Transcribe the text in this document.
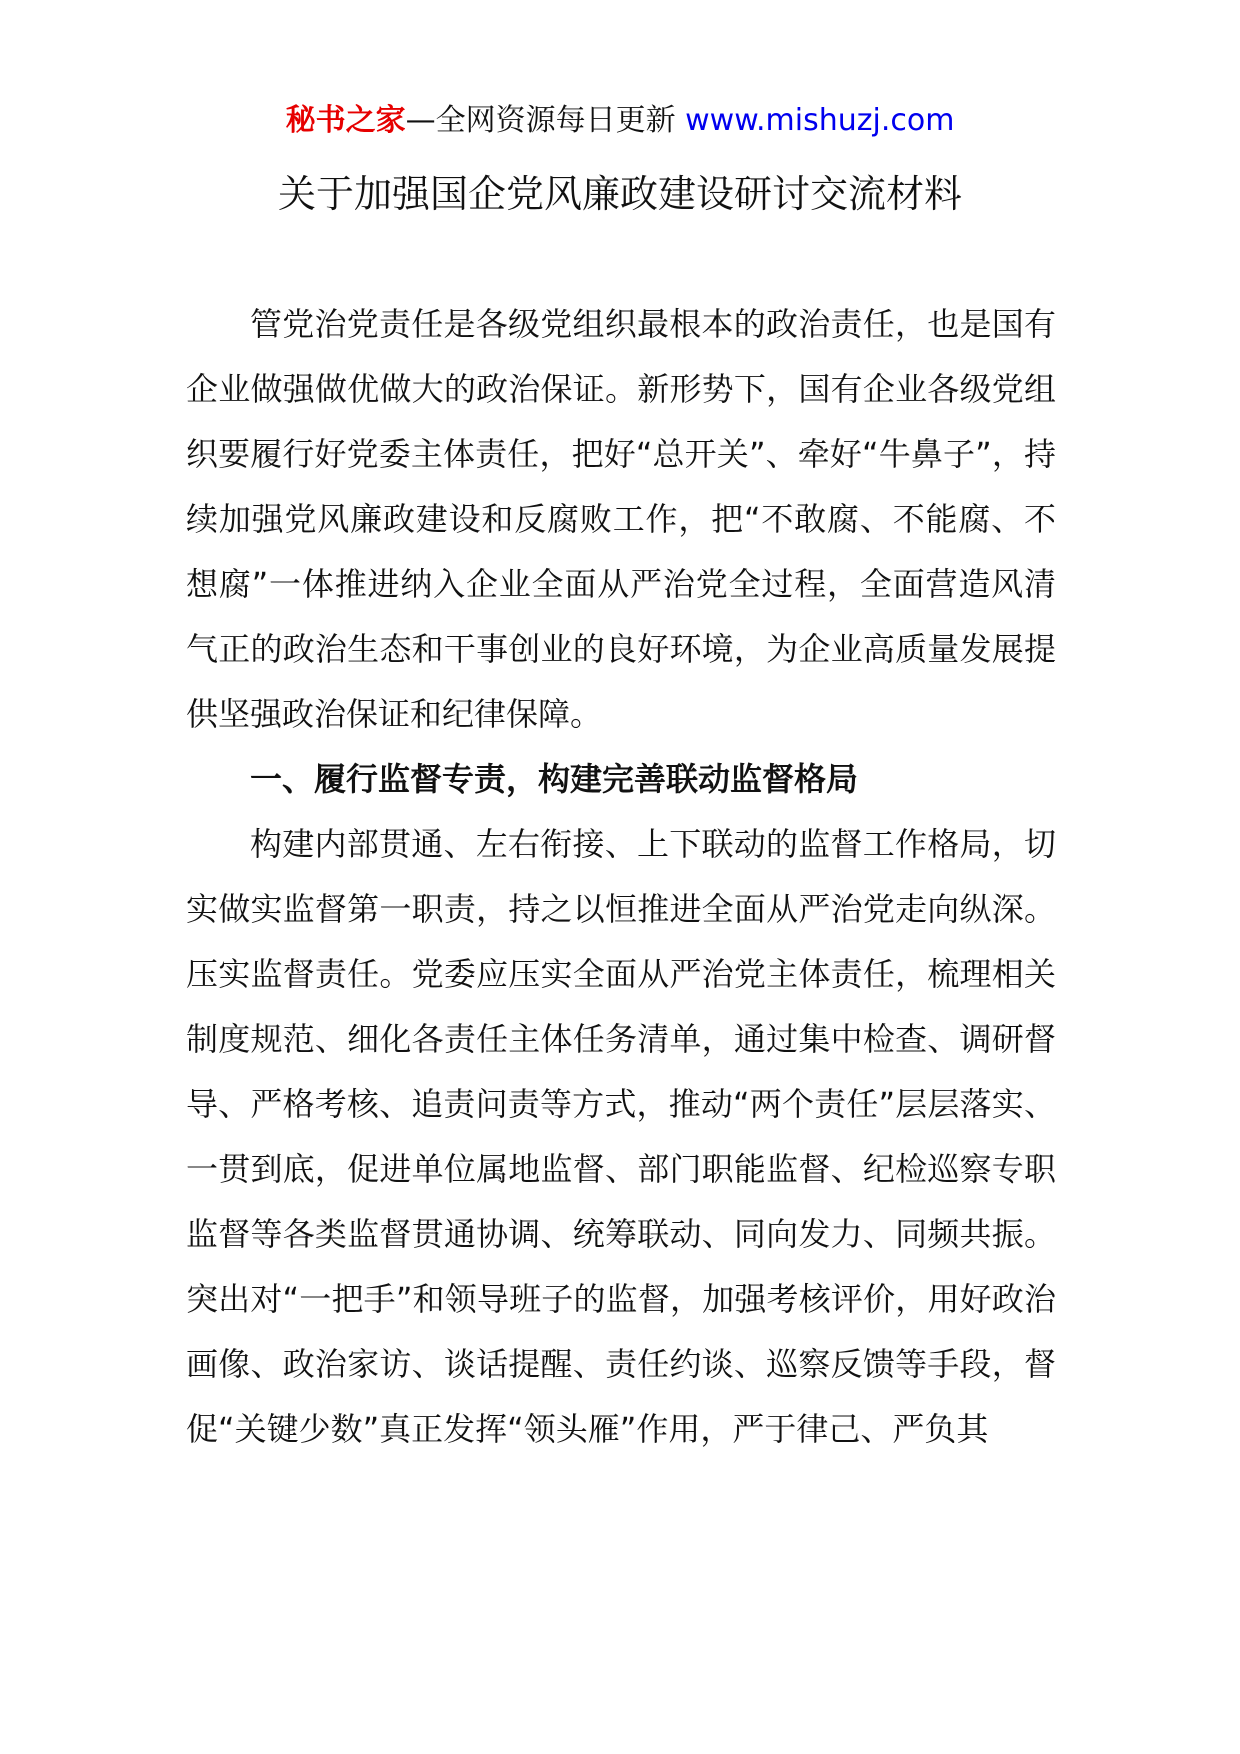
秘书之家—全网资源每日更新 www.mishuzj.com
关于加强国企党风廉政建设研讨交流材料

管党治党责任是各级党组织最根本的政治责任，也是国有企业做强做优做大的政治保证。新形势下，国有企业各级党组织要履行好党委主体责任，把好“总开关”、牵好“牛鼻子”，持续加强党风廉政建设和反腐败工作，把“不敢腐、不能腐、不想腐”一体推进纳入企业全面从严治党全过程，全面营造风清气正的政治生态和干事创业的良好环境，为企业高质量发展提供坚强政治保证和纪律保障。

一、履行监督专责，构建完善联动监督格局

构建内部贯通、左右衔接、上下联动的监督工作格局，切实做实监督第一职责，持之以恒推进全面从严治党走向纵深。压实监督责任。党委应压实全面从严治党主体责任，梳理相关制度规范、细化各责任主体任务清单，通过集中检查、调研督导、严格考核、追责问责等方式，推动“两个责任”层层落实、一贯到底，促进单位属地监督、部门职能监督、纪检巡察专职监督等各类监督贯通协调、统筹联动、同向发力、同频共振。突出对“一把手”和领导班子的监督，加强考核评价，用好政治画像、政治家访、谈话提醒、责任约谈、巡察反馈等手段，督促“关键少数”真正发挥“领头雁”作用，严于律己、严负其
